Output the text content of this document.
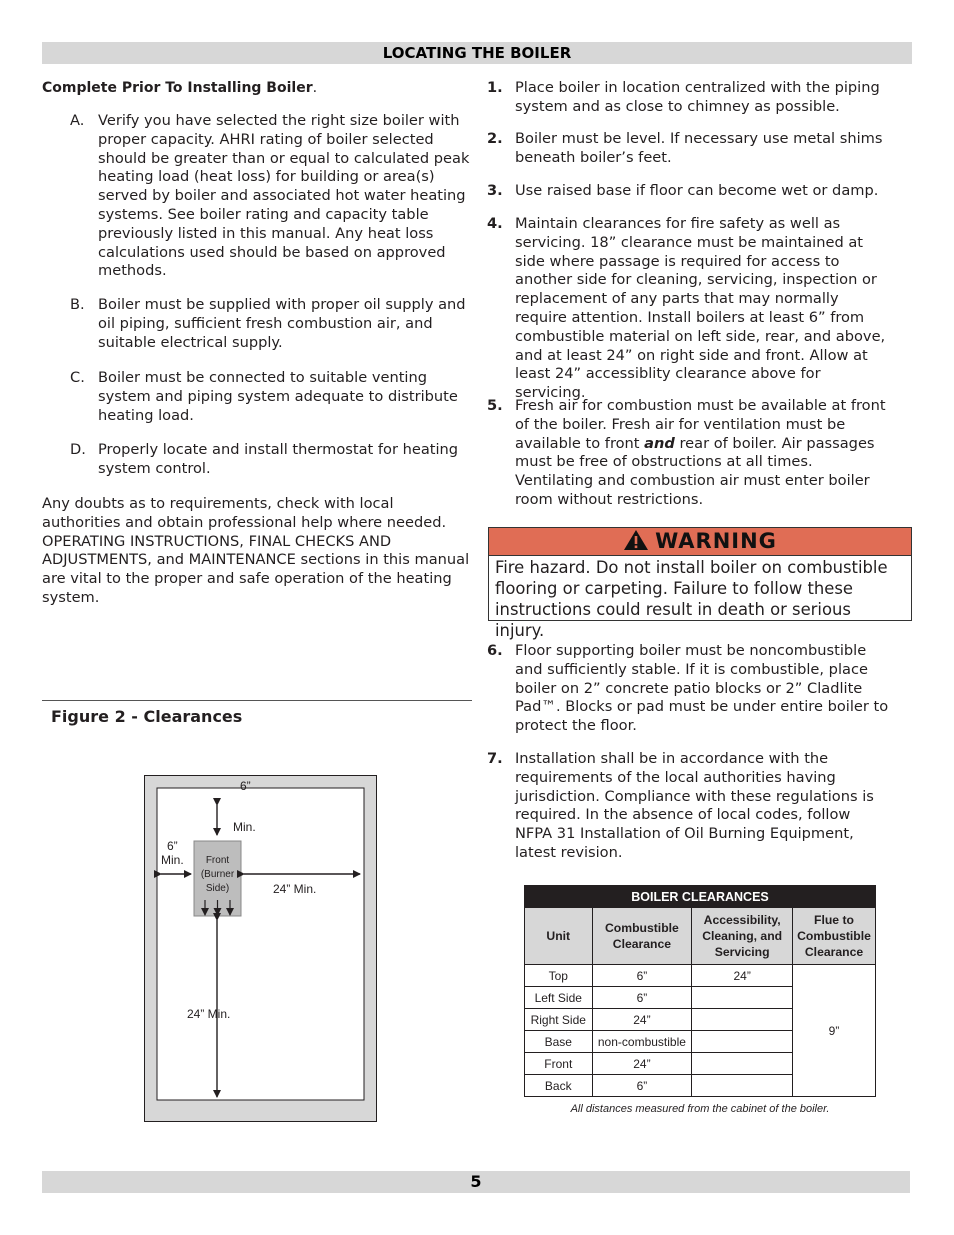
LOCATING THE BOILER
Complete Prior To Installing Boiler.
A. Verify you have selected the right size boiler with proper capacity. AHRI rating of boiler selected should be greater than or equal to calculated peak heating load (heat loss) for building or area(s) served by boiler and associated hot water heating systems. See boiler rating and capacity table previously listed in this manual. Any heat loss calculations used should be based on approved methods.
B. Boiler must be supplied with proper oil supply and oil piping, sufficient fresh combustion air, and suitable electrical supply.
C. Boiler must be connected to suitable venting system and piping system adequate to distribute heating load.
D. Properly locate and install thermostat for heating system control.
Any doubts as to requirements, check with local authorities and obtain professional help where needed. OPERATING INSTRUCTIONS, FINAL CHECKS AND ADJUSTMENTS, and MAINTENANCE sections in this manual are vital to the proper and safe operation of the heating system.
Figure 2 - Clearances
Front
(Burner
Side)
6”
Min.
6”
Min.
24” Min.
24” Min.
1. Place boiler in location centralized with the piping system and as close to chimney as possible.
2. Boiler must be level. If necessary use metal shims beneath boiler’s feet.
3. Use raised base if floor can become wet or damp.
4. Maintain clearances for fire safety as well as servicing. 18” clearance must be maintained at side where passage is required for access to another side for cleaning, servicing, inspection or replacement of any parts that may normally require attention. Install boilers at least 6” from combustible material on left side, rear, and above, and at least 24” on right side and front. Allow at least 24” accessiblity clearance above for servicing.
5. Fresh air for combustion must be available at front of the boiler. Fresh air for ventilation must be available to front and rear of boiler. Air passages must be free of obstructions at all times. Ventilating and combustion air must enter boiler room without restrictions.
WARNING
Fire hazard. Do not install boiler on combustible flooring or carpeting. Failure to follow these instructions could result in death or serious injury.
6. Floor supporting boiler must be noncombustible and sufficiently stable. If it is combustible, place boiler on 2” concrete patio blocks or 2” Cladlite Pad™. Blocks or pad must be under entire boiler to protect the floor.
7. Installation shall be in accordance with the requirements of the local authorities having jurisdiction. Compliance with these regulations is required. In the absence of local codes, follow NFPA 31 Installation of Oil Burning Equipment, latest revision.
BOILER CLEARANCES			
Unit	Combustible Clearance	Accessibility, Cleaning, and Servicing	Flue to Combustible Clearance
Top	6”	24”	9”
Left Side	6”		
Right Side	24”		
Base	non-combustible		
Front	24”		
Back	6”		
All distances measured from the cabinet of the boiler.
5
